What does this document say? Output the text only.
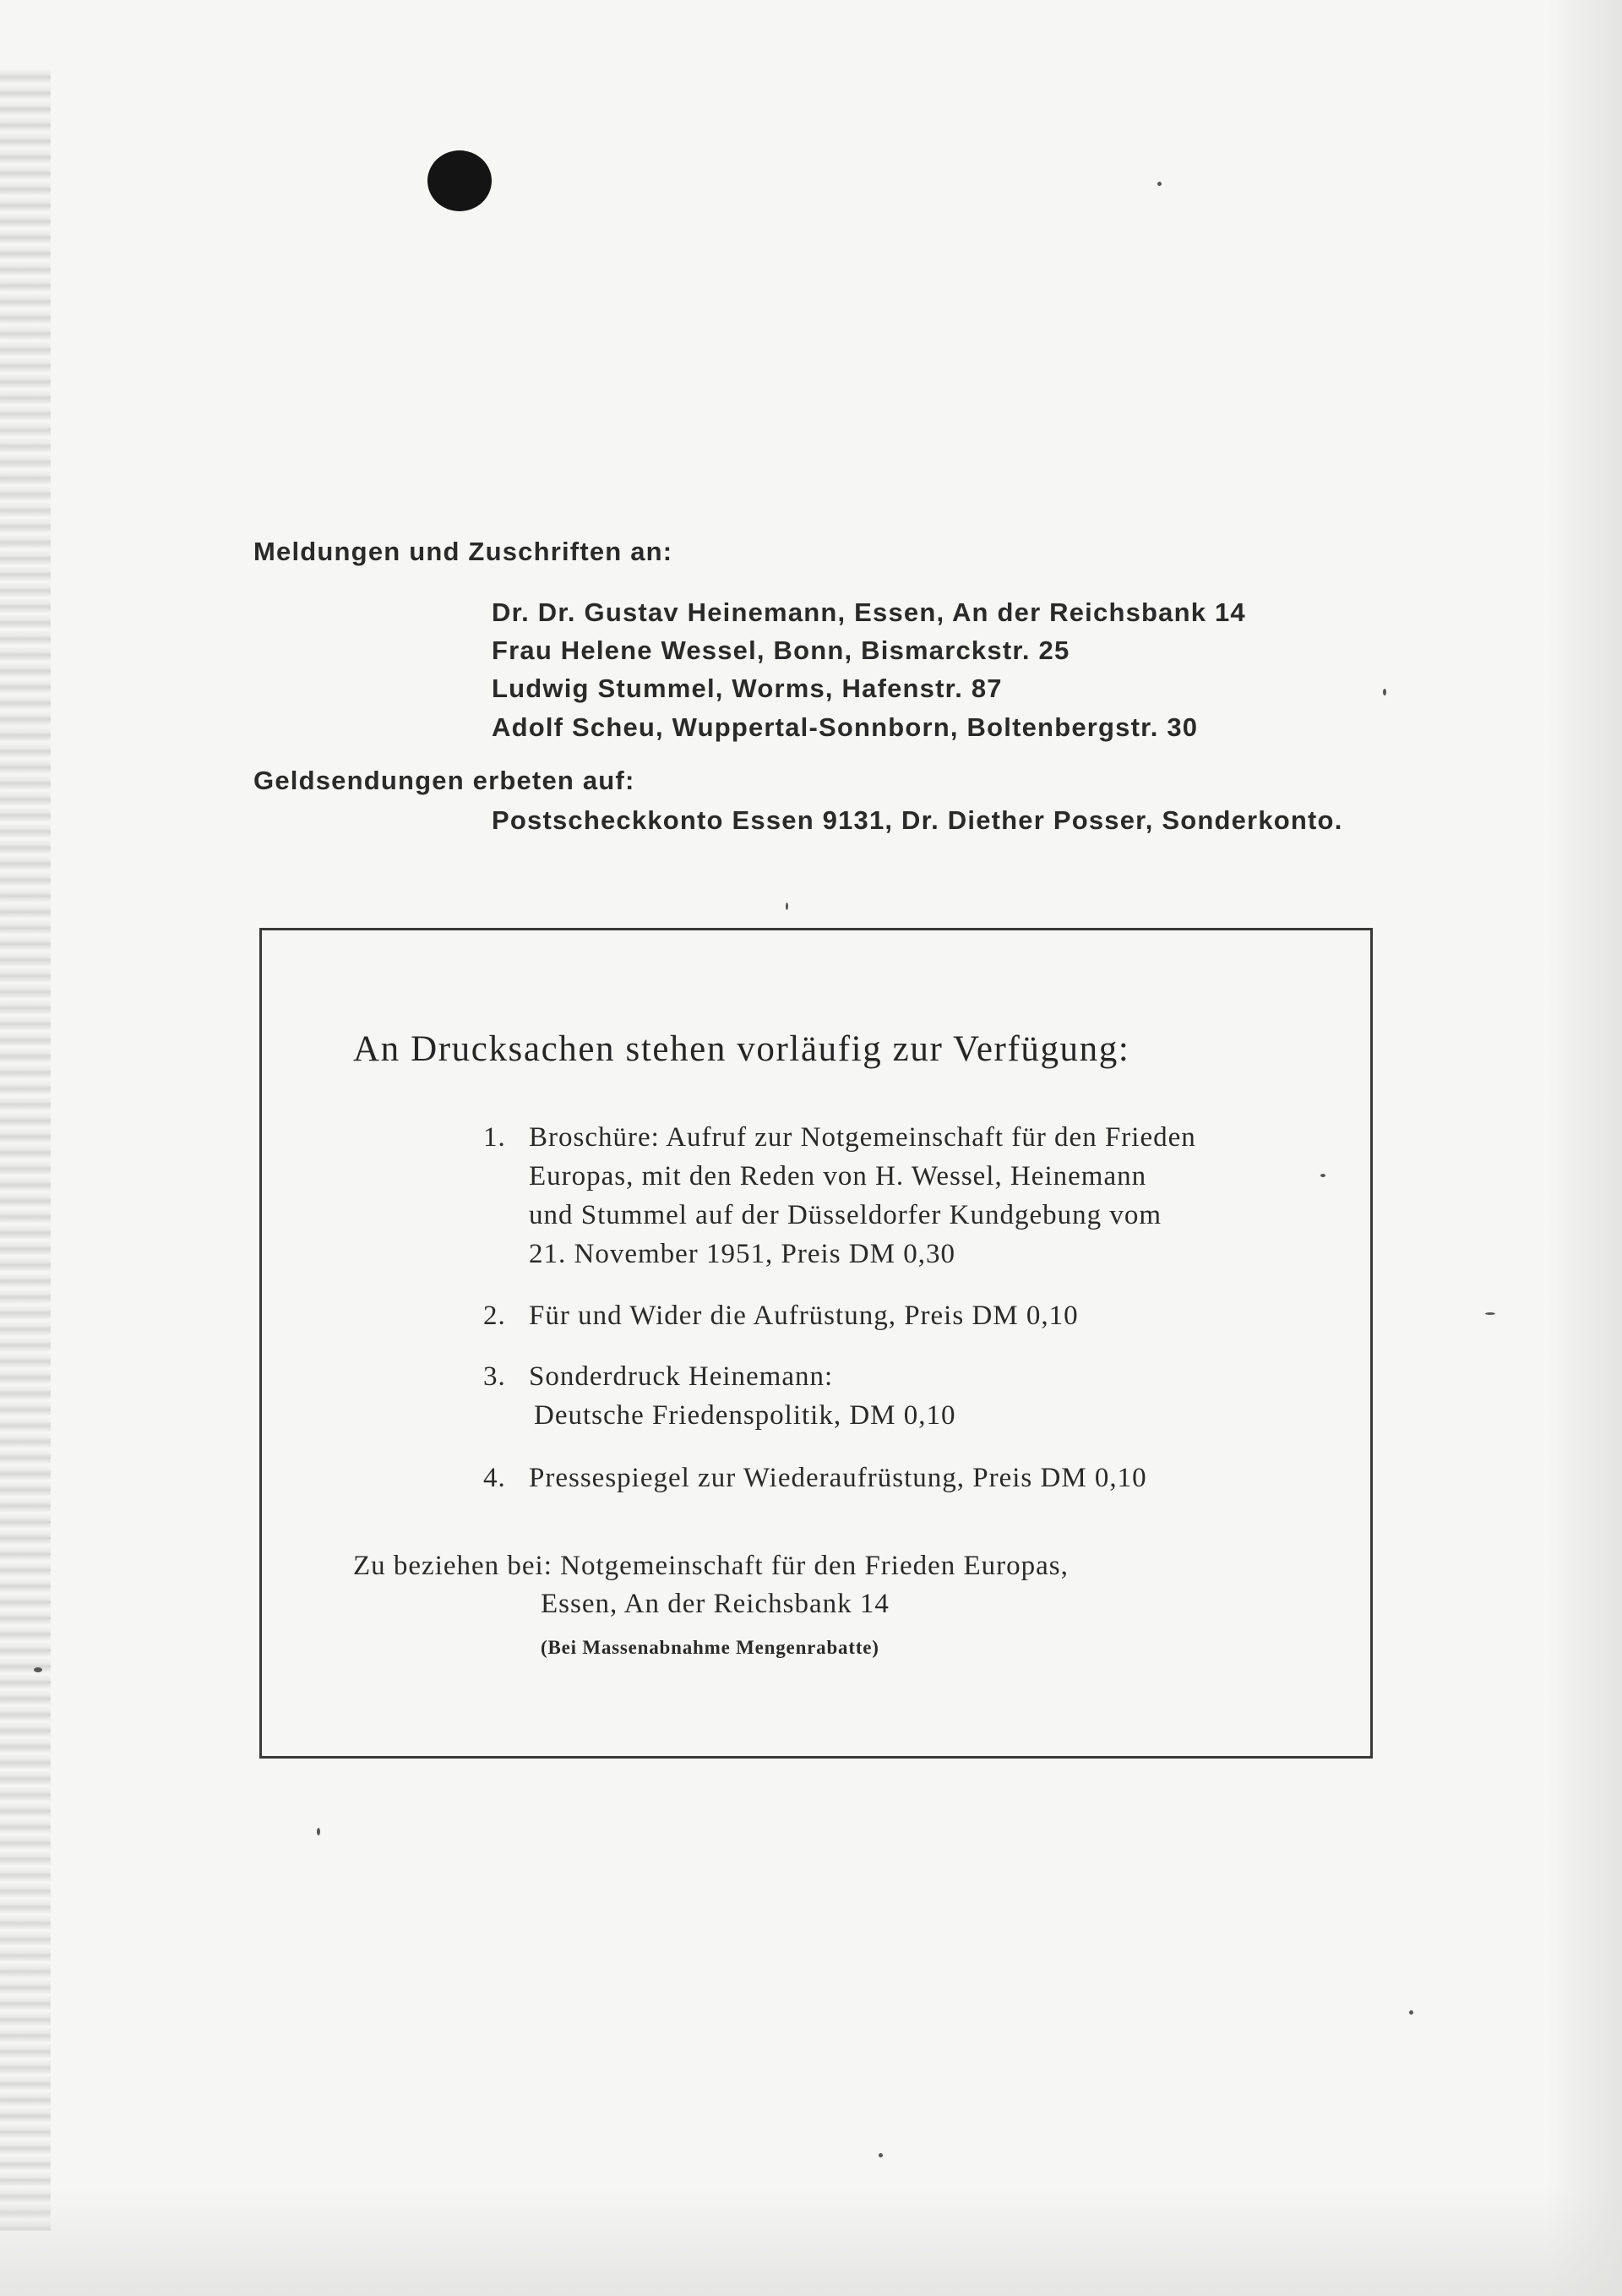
Meldungen und Zuschriften an:
Dr. Dr. Gustav Heinemann, Essen, An der Reichsbank 14
Frau Helene Wessel, Bonn, Bismarckstr. 25
Ludwig Stummel, Worms, Hafenstr. 87
Adolf Scheu, Wuppertal-Sonnborn, Boltenbergstr. 30
Geldsendungen erbeten auf:
Postscheckkonto Essen 9131, Dr. Diether Posser, Sonderkonto.
An Drucksachen stehen vorläufig zur Verfügung:
1. Broschüre: Aufruf zur Notgemeinschaft für den Frieden
Europas, mit den Reden von H. Wessel, Heinemann
und Stummel auf der Düsseldorfer Kundgebung vom
21. November 1951, Preis DM 0,30
2. Für und Wider die Aufrüstung, Preis DM 0,10
3. Sonderdruck Heinemann:
Deutsche Friedenspolitik, DM 0,10
4. Pressespiegel zur Wiederaufrüstung, Preis DM 0,10
Zu beziehen bei: Notgemeinschaft für den Frieden Europas,
Essen, An der Reichsbank 14
(Bei Massenabnahme Mengenrabatte)
